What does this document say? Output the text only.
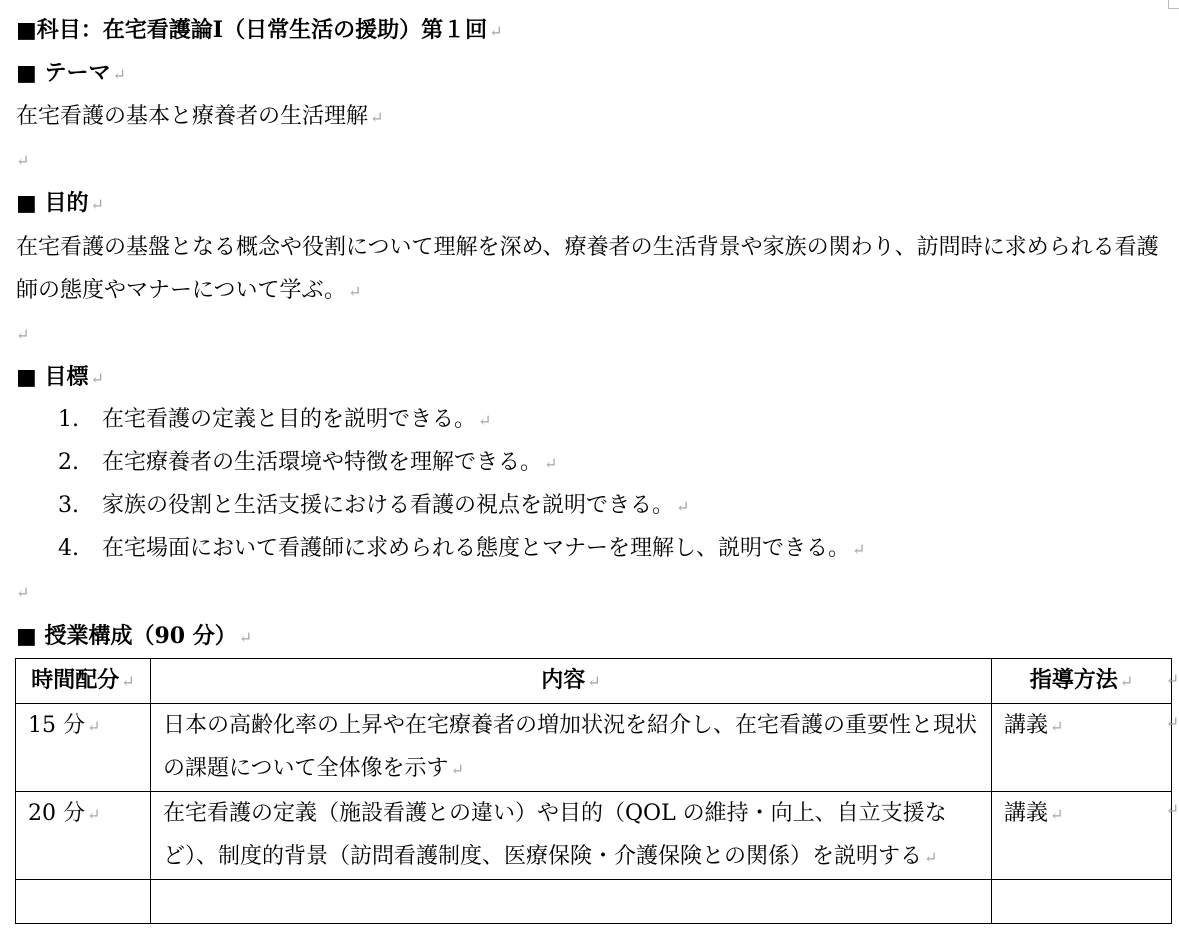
■科目：在宅看護論Ⅰ（日常生活の援助）第１回 ↵
■ テーマ ↵
在宅看護の基本と療養者の生活理解 ↵
↵
■ 目的 ↵
在宅看護の基盤となる概念や役割について理解を深め、療養者の生活背景や家族の関わり、訪問時に求められる看護師の態度やマナーについて学ぶ。 ↵
↵
■ 目標 ↵
1. 在宅看護の定義と目的を説明できる。 ↵
2. 在宅療養者の生活環境や特徴を理解できる。 ↵
3. 家族の役割と生活支援における看護の視点を説明できる。 ↵
4. 在宅場面において看護師に求められる態度とマナーを理解し、説明できる。 ↵
↵
■ 授業構成（90 分） ↵
時間配分 ↵	内容 ↵	指導方法 ↵
15 分 ↵	日本の高齢化率の上昇や在宅療養者の増加状況を紹介し、在宅看護の重要性と現状の課題について全体像を示す ↵	講義 ↵
20 分 ↵	在宅看護の定義（施設看護との違い）や目的（QOL の維持・向上、自立支援など）、制度的背景（訪問看護制度、医療保険・介護保険との関係）を説明する ↵	講義 ↵

↵
↵
↵
